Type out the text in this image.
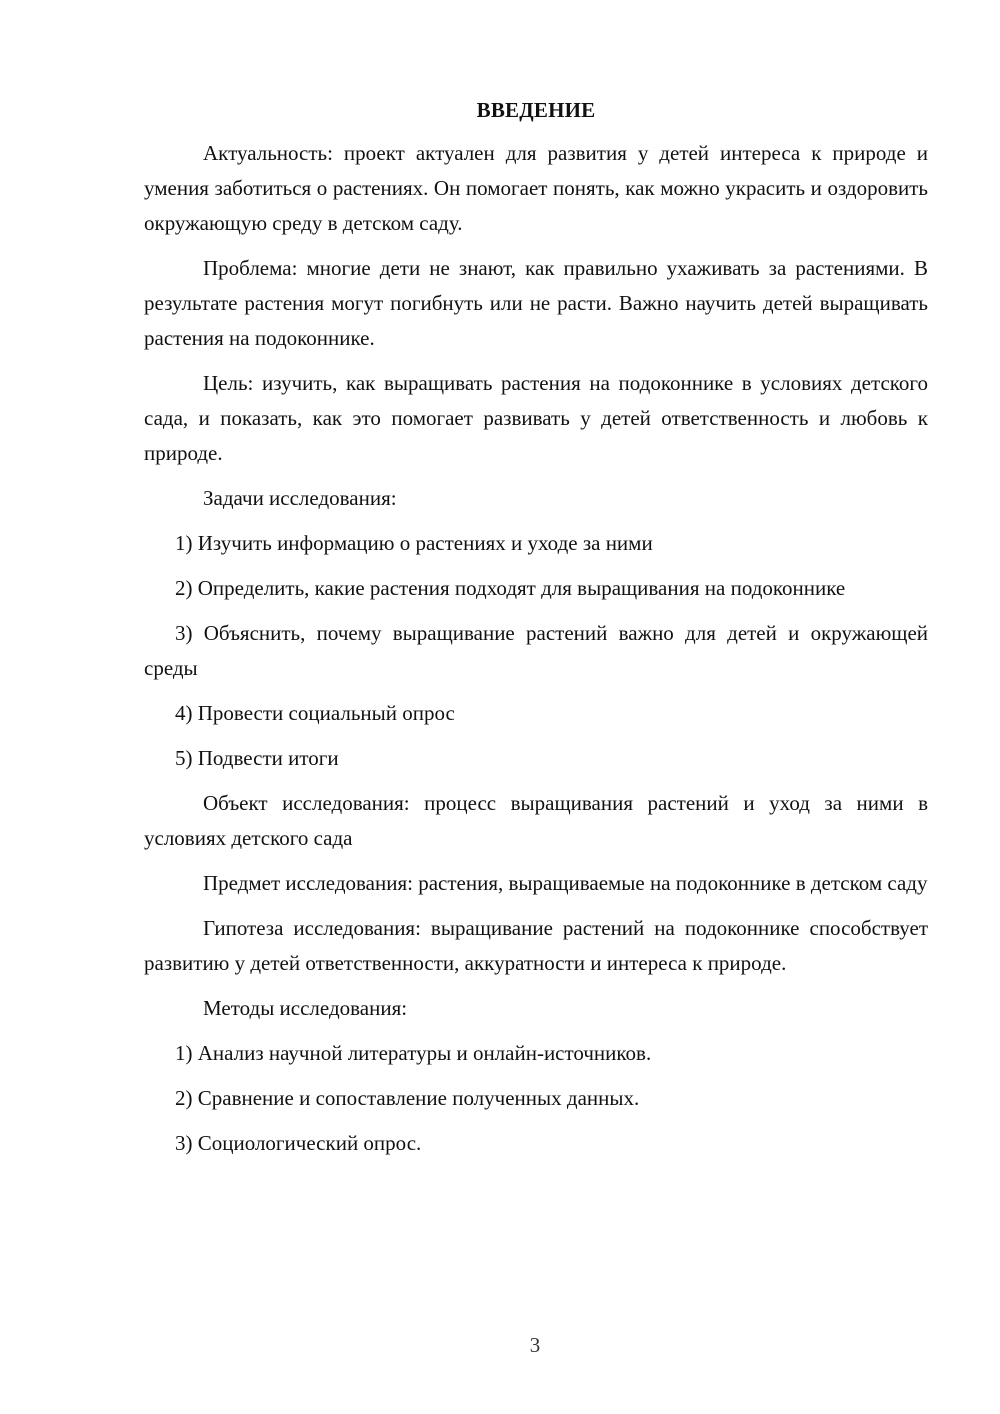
ВВЕДЕНИЕ

Актуальность: проект актуален для развития у детей интереса к природе и умения заботиться о растениях. Он помогает понять, как можно украсить и оздоровить окружающую среду в детском саду.

Проблема: многие дети не знают, как правильно ухаживать за растениями. В результате растения могут погибнуть или не расти. Важно научить детей выращивать растения на подоконнике.

Цель: изучить, как выращивать растения на подоконнике в условиях детского сада, и показать, как это помогает развивать у детей ответственность и любовь к природе.

Задачи исследования:

1) Изучить информацию о растениях и уходе за ними

2) Определить, какие растения подходят для выращивания на подоконнике

3) Объяснить, почему выращивание растений важно для детей и окружающей среды

4) Провести социальный опрос

5) Подвести итоги

Объект исследования: процесс выращивания растений и уход за ними в условиях детского сада

Предмет исследования: растения, выращиваемые на подоконнике в детском саду

Гипотеза исследования: выращивание растений на подоконнике способствует развитию у детей ответственности, аккуратности и интереса к природе.

Методы исследования:

1) Анализ научной литературы и онлайн-источников.

2) Сравнение и сопоставление полученных данных.

3) Социологический опрос.

3
